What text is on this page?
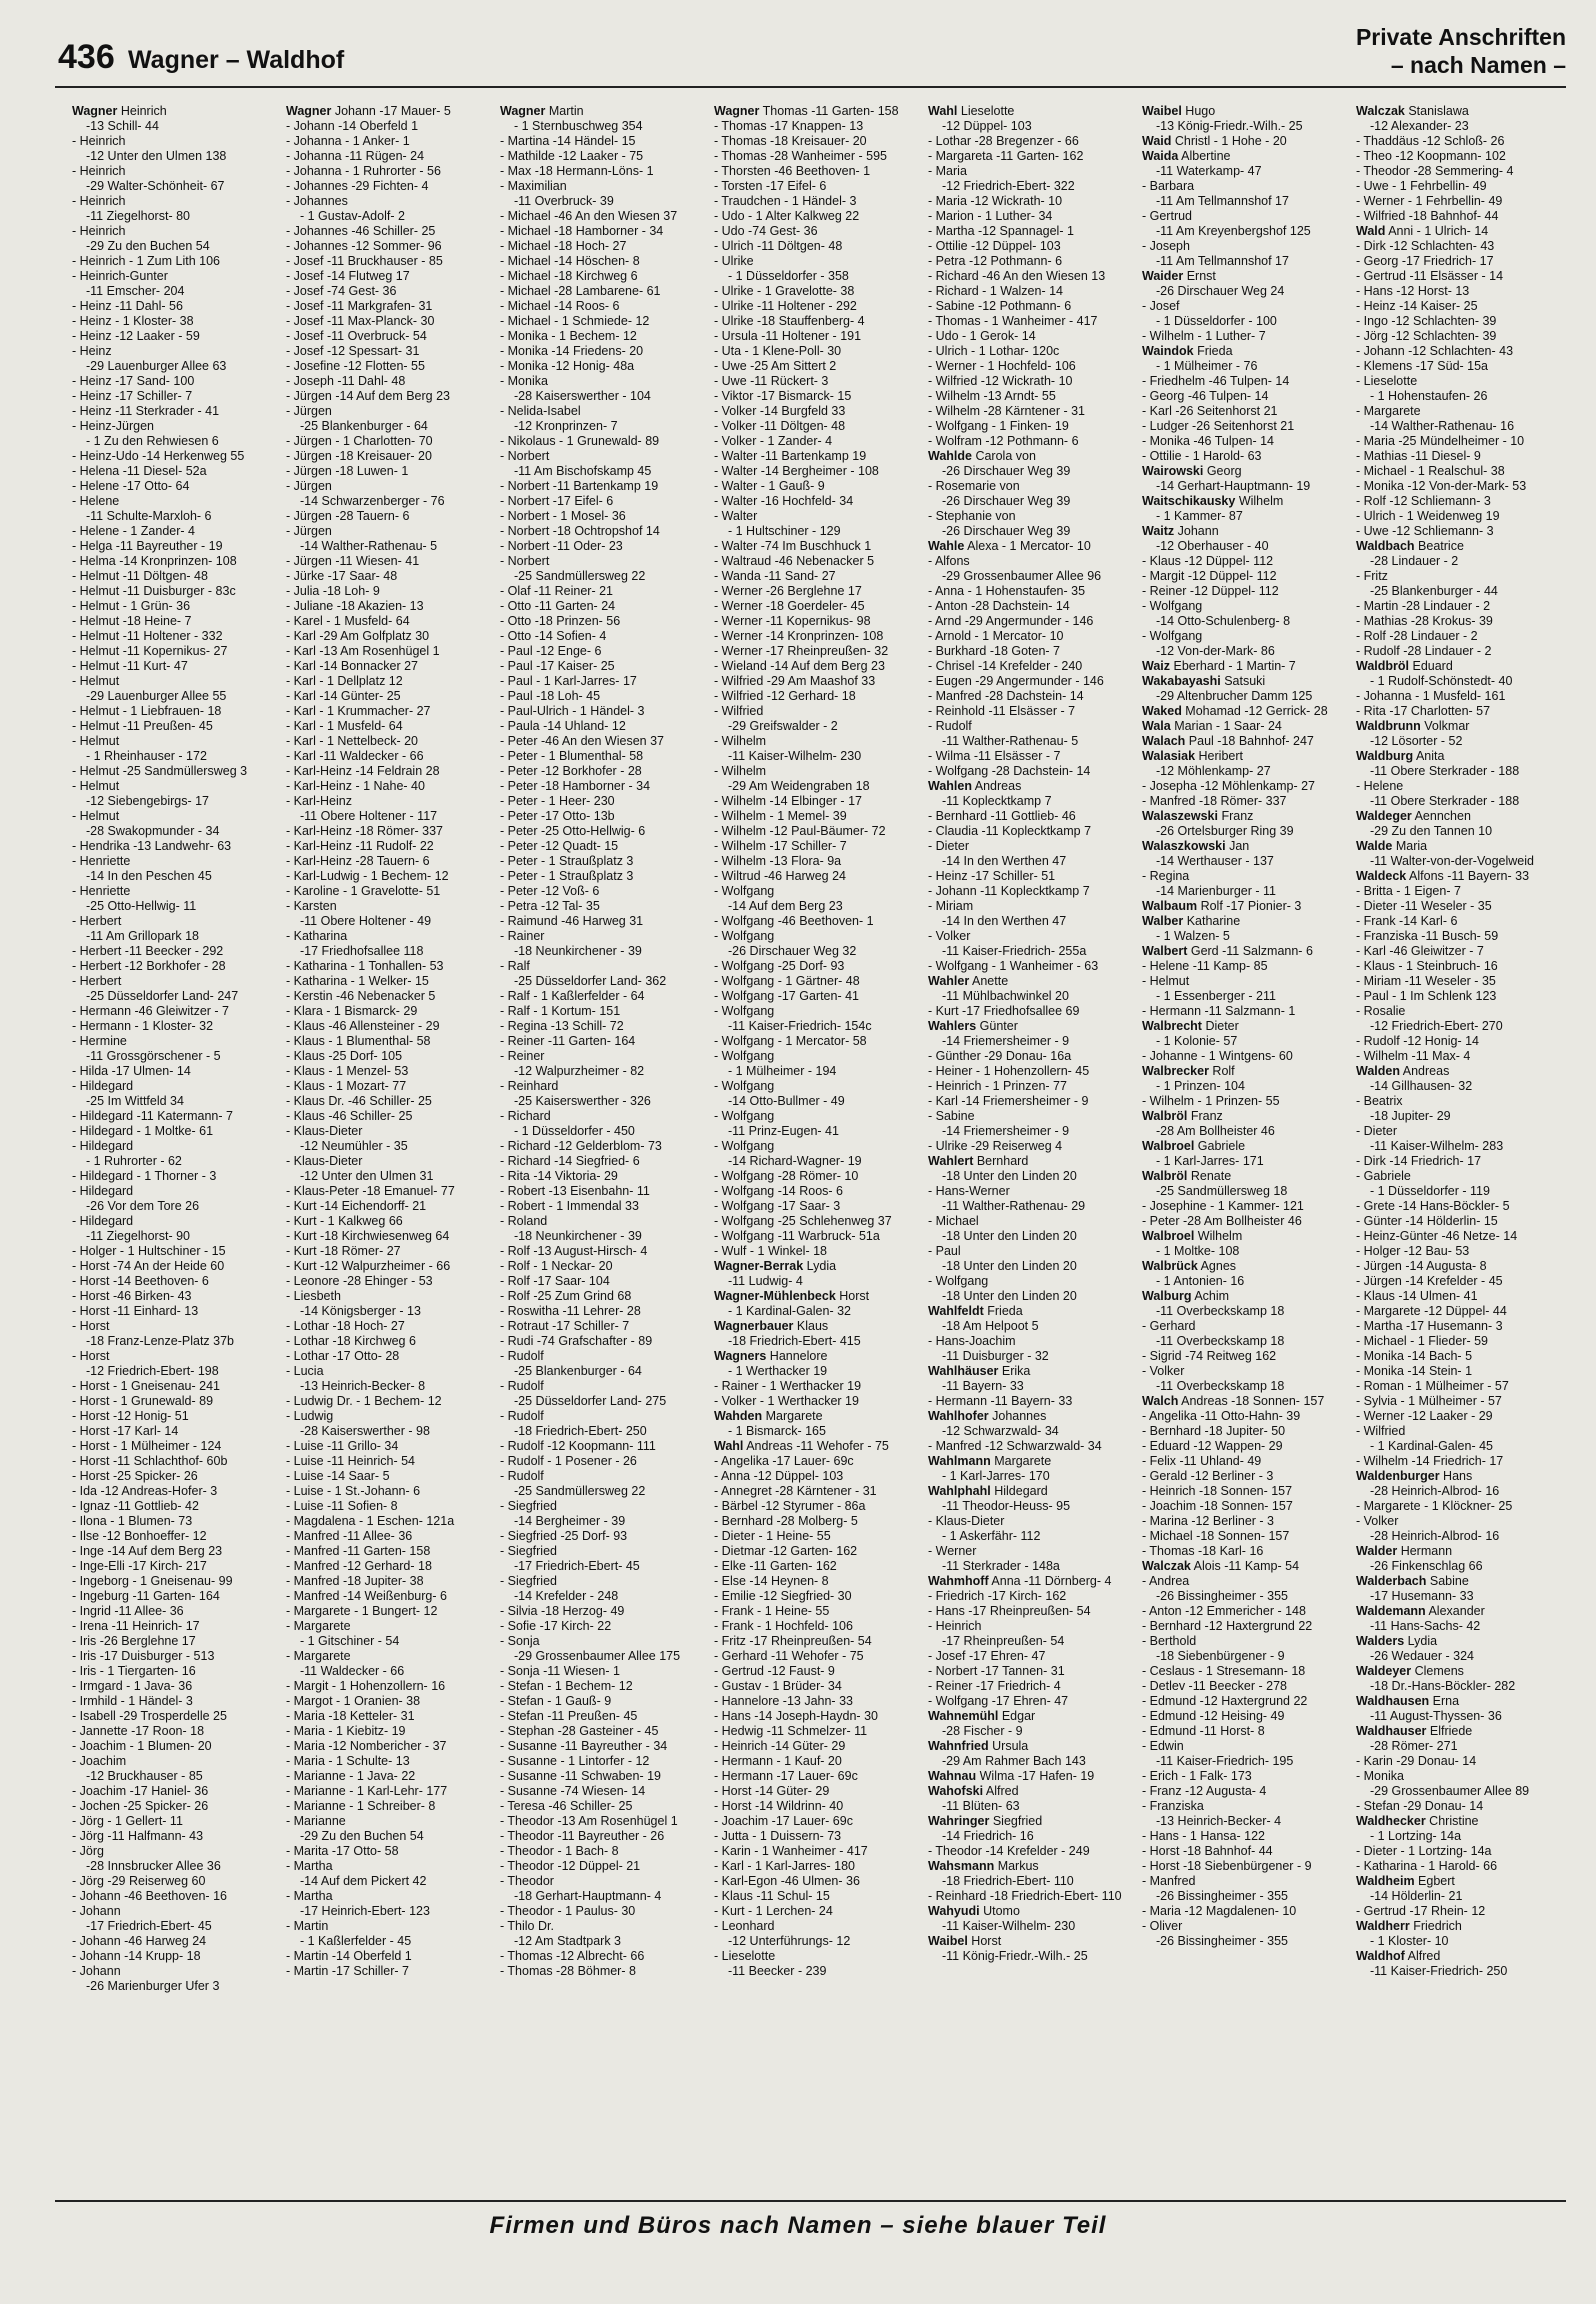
436 Wagner – Waldhof
Private Anschriften
– nach Namen –
Wagner Heinrich
-13 Schill- 44
- Heinrich
-12 Unter den Ulmen 138
- Heinrich
-29 Walter-Schönheit- 67
- Heinrich
-11 Ziegelhorst- 80
- Heinrich
-29 Zu den Buchen 54
- Heinrich - 1 Zum Lith 106
- Heinrich-Gunter
-11 Emscher- 204
- Heinz -11 Dahl- 56
- Heinz - 1 Kloster- 38
- Heinz -12 Laaker - 59
- Heinz
-29 Lauenburger Allee 63
- Heinz -17 Sand- 100
- Heinz -17 Schiller- 7
- Heinz -11 Sterkrader - 41
- Heinz-Jürgen
- 1 Zu den Rehwiesen 6
- Heinz-Udo -14 Herkenweg 55
- Helena -11 Diesel- 52a
- Helene -17 Otto- 64
- Helene
-11 Schulte-Marxloh- 6
- Helene - 1 Zander- 4
- Helga -11 Bayreuther - 19
- Helma -14 Kronprinzen- 108
- Helmut -11 Döltgen- 48
- Helmut -11 Duisburger - 83c
- Helmut - 1 Grün- 36
- Helmut -18 Heine- 7
- Helmut -11 Holtener - 332
- Helmut -11 Kopernikus- 27
- Helmut -11 Kurt- 47
- Helmut
-29 Lauenburger Allee 55
- Helmut - 1 Liebfrauen- 18
- Helmut -11 Preußen- 45
- Helmut
- 1 Rheinhauser - 172
- Helmut -25 Sandmüllersweg 3
- Helmut
-12 Siebengebirgs- 17
- Helmut
-28 Swakopmunder - 34
- Hendrika -13 Landwehr- 63
- Henriette
-14 In den Peschen 45
- Henriette
-25 Otto-Hellwig- 11
- Herbert
-11 Am Grillopark 18
- Herbert -11 Beecker - 292
- Herbert -12 Borkhofer - 28
- Herbert
-25 Düsseldorfer Land- 247
- Hermann -46 Gleiwitzer - 7
- Hermann - 1 Kloster- 32
- Hermine
-11 Grossgörschener - 5
- Hilda -17 Ulmen- 14
- Hildegard
-25 Im Wittfeld 34
- Hildegard -11 Katermann- 7
- Hildegard - 1 Moltke- 61
- Hildegard
- 1 Ruhrorter - 62
- Hildegard - 1 Thorner - 3
- Hildegard
-26 Vor dem Tore 26
- Hildegard
-11 Ziegelhorst- 90
- Holger - 1 Hultschiner - 15
- Horst -74 An der Heide 60
- Horst -14 Beethoven- 6
- Horst -46 Birken- 43
- Horst -11 Einhard- 13
- Horst
-18 Franz-Lenze-Platz 37b
- Horst
-12 Friedrich-Ebert- 198
- Horst - 1 Gneisenau- 241
- Horst - 1 Grunewald- 89
- Horst -12 Honig- 51
- Horst -17 Karl- 14
- Horst - 1 Mülheimer - 124
- Horst -11 Schlachthof- 60b
- Horst -25 Spicker- 26
- Ida -12 Andreas-Hofer- 3
- Ignaz -11 Gottlieb- 42
- Ilona - 1 Blumen- 73
- Ilse -12 Bonhoeffer- 12
- Inge -14 Auf dem Berg 23
- Inge-Elli -17 Kirch- 217
- Ingeborg - 1 Gneisenau- 99
- Ingeburg -11 Garten- 164
- Ingrid -11 Allee- 36
- Irena -11 Heinrich- 17
- Iris -26 Berglehne 17
- Iris -17 Duisburger - 513
- Iris - 1 Tiergarten- 16
- Irmgard - 1 Java- 36
- Irmhild - 1 Händel- 3
- Isabell -29 Trosperdelle 25
- Jannette -17 Roon- 18
- Joachim - 1 Blumen- 20
- Joachim
-12 Bruckhauser - 85
- Joachim -17 Haniel- 36
- Jochen -25 Spicker- 26
- Jörg - 1 Gellert- 11
- Jörg -11 Halfmann- 43
- Jörg
-28 Innsbrucker Allee 36
- Jörg -29 Reiserweg 60
- Johann -46 Beethoven- 16
- Johann
-17 Friedrich-Ebert- 45
- Johann -46 Harweg 24
- Johann -14 Krupp- 18
- Johann
-26 Marienburger Ufer 3
Wagner Johann -17 Mauer- 5
- Johann -14 Oberfeld 1
- Johanna - 1 Anker- 1
- Johanna -11 Rügen- 24
- Johanna - 1 Ruhrorter - 56
- Johannes -29 Fichten- 4
- Johannes
- 1 Gustav-Adolf- 2
- Johannes -46 Schiller- 25
- Johannes -12 Sommer- 96
- Josef -11 Bruckhauser - 85
- Josef -14 Flutweg 17
- Josef -74 Gest- 36
- Josef -11 Markgrafen- 31
- Josef -11 Max-Planck- 30
- Josef -11 Overbruck- 54
- Josef -12 Spessart- 31
- Josefine -12 Flotten- 55
- Joseph -11 Dahl- 48
- Jürgen -14 Auf dem Berg 23
- Jürgen
-25 Blankenburger - 64
- Jürgen - 1 Charlotten- 70
- Jürgen -18 Kreisauer- 20
- Jürgen -18 Luwen- 1
- Jürgen
-14 Schwarzenberger - 76
- Jürgen -28 Tauern- 6
- Jürgen
-14 Walther-Rathenau- 5
- Jürgen -11 Wiesen- 41
- Jürke -17 Saar- 48
- Julia -18 Loh- 9
- Juliane -18 Akazien- 13
- Karel - 1 Musfeld- 64
- Karl -29 Am Golfplatz 30
- Karl -13 Am Rosenhügel 1
- Karl -14 Bonnacker 27
- Karl - 1 Dellplatz 12
- Karl -14 Günter- 25
- Karl - 1 Krummacher- 27
- Karl - 1 Musfeld- 64
- Karl - 1 Nettelbeck- 20
- Karl -11 Waldecker - 66
- Karl-Heinz -14 Feldrain 28
- Karl-Heinz - 1 Nahe- 40
- Karl-Heinz
-11 Obere Holtener - 117
- Karl-Heinz -18 Römer- 337
- Karl-Heinz -11 Rudolf- 22
- Karl-Heinz -28 Tauern- 6
- Karl-Ludwig - 1 Bechem- 12
- Karoline - 1 Gravelotte- 51
- Karsten
-11 Obere Holtener - 49
- Katharina
-17 Friedhofsallee 118
- Katharina - 1 Tonhallen- 53
- Katharina - 1 Welker- 15
- Kerstin -46 Nebenacker 5
- Klara - 1 Bismarck- 29
- Klaus -46 Allensteiner - 29
- Klaus - 1 Blumenthal- 58
- Klaus -25 Dorf- 105
- Klaus - 1 Menzel- 53
- Klaus - 1 Mozart- 77
- Klaus Dr. -46 Schiller- 25
- Klaus -46 Schiller- 25
- Klaus-Dieter
-12 Neumühler - 35
- Klaus-Dieter
-12 Unter den Ulmen 31
- Klaus-Peter -18 Emanuel- 77
- Kurt -14 Eichendorff- 21
- Kurt - 1 Kalkweg 66
- Kurt -18 Kirchwiesenweg 64
- Kurt -18 Römer- 27
- Kurt -12 Walpurzheimer - 66
- Leonore -28 Ehinger - 53
- Liesbeth
-14 Königsberger - 13
- Lothar -18 Hoch- 27
- Lothar -18 Kirchweg 6
- Lothar -17 Otto- 28
- Lucia
-13 Heinrich-Becker- 8
- Ludwig Dr. - 1 Bechem- 12
- Ludwig
-28 Kaiserswerther - 98
- Luise -11 Grillo- 34
- Luise -11 Heinrich- 54
- Luise -14 Saar- 5
- Luise - 1 St.-Johann- 6
- Luise -11 Sofien- 8
- Magdalena - 1 Eschen- 121a
- Manfred -11 Allee- 36
- Manfred -11 Garten- 158
- Manfred -12 Gerhard- 18
- Manfred -18 Jupiter- 38
- Manfred -14 Weißenburg- 6
- Margarete - 1 Bungert- 12
- Margarete
- 1 Gitschiner - 54
- Margarete
-11 Waldecker - 66
- Margit - 1 Hohenzollern- 16
- Margot - 1 Oranien- 38
- Maria -18 Ketteler- 31
- Maria - 1 Kiebitz- 19
- Maria -12 Nombericher - 37
- Maria - 1 Schulte- 13
- Marianne - 1 Java- 22
- Marianne - 1 Karl-Lehr- 177
- Marianne - 1 Schreiber- 8
- Marianne
-29 Zu den Buchen 54
- Marita -17 Otto- 58
- Martha
-14 Auf dem Pickert 42
- Martha
-17 Heinrich-Ebert- 123
- Martin
- 1 Kaßlerfelder - 45
- Martin -14 Oberfeld 1
- Martin -17 Schiller- 7
Wagner Martin
- 1 Sternbuschweg 354
- Martina -14 Händel- 15
- Mathilde -12 Laaker - 75
- Max -18 Hermann-Löns- 1
- Maximilian
-11 Overbruck- 39
- Michael -46 An den Wiesen 37
- Michael -18 Hamborner - 34
- Michael -18 Hoch- 27
- Michael -14 Höschen- 8
- Michael -18 Kirchweg 6
- Michael -28 Lambarene- 61
- Michael -14 Roos- 6
- Michael - 1 Schmiede- 12
- Monika - 1 Bechem- 12
- Monika -14 Friedens- 20
- Monika -12 Honig- 48a
- Monika
-28 Kaiserswerther - 104
- Nelida-Isabel
-12 Kronprinzen- 7
- Nikolaus - 1 Grunewald- 89
- Norbert
-11 Am Bischofskamp 45
- Norbert -11 Bartenkamp 19
- Norbert -17 Eifel- 6
- Norbert - 1 Mosel- 36
- Norbert -18 Ochtropshof 14
- Norbert -11 Oder- 23
- Norbert
-25 Sandmüllersweg 22
- Olaf -11 Reiner- 21
- Otto -11 Garten- 24
- Otto -18 Prinzen- 56
- Otto -14 Sofien- 4
- Paul -12 Enge- 6
- Paul -17 Kaiser- 25
- Paul - 1 Karl-Jarres- 17
- Paul -18 Loh- 45
- Paul-Ulrich - 1 Händel- 3
- Paula -14 Uhland- 12
- Peter -46 An den Wiesen 37
- Peter - 1 Blumenthal- 58
- Peter -12 Borkhofer - 28
- Peter -18 Hamborner - 34
- Peter - 1 Heer- 230
- Peter -17 Otto- 13b
- Peter -25 Otto-Hellwig- 6
- Peter -12 Quadt- 15
- Peter - 1 Straußplatz 3
- Peter - 1 Straußplatz 3
- Peter -12 Voß- 6
- Petra -12 Tal- 35
- Raimund -46 Harweg 31
- Rainer
-18 Neunkirchener - 39
- Ralf
-25 Düsseldorfer Land- 362
- Ralf - 1 Kaßlerfelder - 64
- Ralf - 1 Kortum- 151
- Regina -13 Schill- 72
- Reiner -11 Garten- 164
- Reiner
-12 Walpurzheimer - 82
- Reinhard
-25 Kaiserswerther - 326
- Richard
- 1 Düsseldorfer - 450
- Richard -12 Gelderblom- 73
- Richard -14 Siegfried- 6
- Rita -14 Viktoria- 29
- Robert -13 Eisenbahn- 11
- Robert - 1 Immendal 33
- Roland
-18 Neunkirchener - 39
- Rolf -13 August-Hirsch- 4
- Rolf - 1 Neckar- 20
- Rolf -17 Saar- 104
- Rolf -25 Zum Grind 68
- Roswitha -11 Lehrer- 28
- Rotraut -17 Schiller- 7
- Rudi -74 Grafschafter - 89
- Rudolf
-25 Blankenburger - 64
- Rudolf
-25 Düsseldorfer Land- 275
- Rudolf
-18 Friedrich-Ebert- 250
- Rudolf -12 Koopmann- 111
- Rudolf - 1 Posener - 26
- Rudolf
-25 Sandmüllersweg 22
- Siegfried
-14 Bergheimer - 39
- Siegfried -25 Dorf- 93
- Siegfried
-17 Friedrich-Ebert- 45
- Siegfried
-14 Krefelder - 248
- Silvia -18 Herzog- 49
- Sofie -17 Kirch- 22
- Sonja
-29 Grossenbaumer Allee 175
- Sonja -11 Wiesen- 1
- Stefan - 1 Bechem- 12
- Stefan - 1 Gauß- 9
- Stefan -11 Preußen- 45
- Stephan -28 Gasteiner - 45
- Susanne -11 Bayreuther - 34
- Susanne - 1 Lintorfer - 12
- Susanne -11 Schwaben- 19
- Susanne -74 Wiesen- 14
- Teresa -46 Schiller- 25
- Theodor -13 Am Rosenhügel 1
- Theodor -11 Bayreuther - 26
- Theodor - 1 Bach- 8
- Theodor -12 Düppel- 21
- Theodor
-18 Gerhart-Hauptmann- 4
- Theodor - 1 Paulus- 30
- Thilo Dr.
-12 Am Stadtpark 3
- Thomas -12 Albrecht- 66
- Thomas -28 Böhmer- 8
Wagner Thomas -11 Garten- 158
- Thomas -17 Knappen- 13
- Thomas -18 Kreisauer- 20
- Thomas -28 Wanheimer - 595
- Thorsten -46 Beethoven- 1
- Torsten -17 Eifel- 6
- Traudchen - 1 Händel- 3
- Udo - 1 Alter Kalkweg 22
- Udo -74 Gest- 36
- Ulrich -11 Döltgen- 48
- Ulrike
- 1 Düsseldorfer - 358
- Ulrike - 1 Gravelotte- 38
- Ulrike -11 Holtener - 292
- Ulrike -18 Stauffenberg- 4
- Ursula -11 Holtener - 191
- Uta - 1 Klene-Poll- 30
- Uwe -25 Am Sittert 2
- Uwe -11 Rückert- 3
- Viktor -17 Bismarck- 15
- Volker -14 Burgfeld 33
- Volker -11 Döltgen- 48
- Volker - 1 Zander- 4
- Walter -11 Bartenkamp 19
- Walter -14 Bergheimer - 108
- Walter - 1 Gauß- 9
- Walter -16 Hochfeld- 34
- Walter
- 1 Hultschiner - 129
- Walter -74 Im Buschhuck 1
- Waltraud -46 Nebenacker 5
- Wanda -11 Sand- 27
- Werner -26 Berglehne 17
- Werner -18 Goerdeler- 45
- Werner -11 Kopernikus- 98
- Werner -14 Kronprinzen- 108
- Werner -17 Rheinpreußen- 32
- Wieland -14 Auf dem Berg 23
- Wilfried -29 Am Maashof 33
- Wilfried -12 Gerhard- 18
- Wilfried
-29 Greifswalder - 2
- Wilhelm
-11 Kaiser-Wilhelm- 230
- Wilhelm
-29 Am Weidengraben 18
- Wilhelm -14 Elbinger - 17
- Wilhelm - 1 Memel- 39
- Wilhelm -12 Paul-Bäumer- 72
- Wilhelm -17 Schiller- 7
- Wilhelm -13 Flora- 9a
- Wiltrud -46 Harweg 24
- Wolfgang
-14 Auf dem Berg 23
- Wolfgang -46 Beethoven- 1
- Wolfgang
-26 Dirschauer Weg 32
- Wolfgang -25 Dorf- 93
- Wolfgang - 1 Gärtner- 48
- Wolfgang -17 Garten- 41
- Wolfgang
-11 Kaiser-Friedrich- 154c
- Wolfgang - 1 Mercator- 58
- Wolfgang
- 1 Mülheimer - 194
- Wolfgang
-14 Otto-Bullmer - 49
- Wolfgang
-11 Prinz-Eugen- 41
- Wolfgang
-14 Richard-Wagner- 19
- Wolfgang -28 Römer- 10
- Wolfgang -14 Roos- 6
- Wolfgang -17 Saar- 3
- Wolfgang -25 Schlehenweg 37
- Wolfgang -11 Warbruck- 51a
- Wulf - 1 Winkel- 18
Wagner-Berrak Lydia
-11 Ludwig- 4
Wagner-Mühlenbeck Horst
- 1 Kardinal-Galen- 32
Wagnerbauer Klaus
-18 Friedrich-Ebert- 415
Wagners Hannelore
- 1 Werthacker 19
- Rainer - 1 Werthacker 19
- Volker - 1 Werthacker 19
Wahden Margarete
- 1 Bismarck- 165
Wahl Andreas -11 Wehofer - 75
- Angelika -17 Lauer- 69c
- Anna -12 Düppel- 103
- Annegret -28 Kärntener - 31
- Bärbel -12 Styrumer - 86a
- Bernhard -28 Molberg- 5
- Dieter - 1 Heine- 55
- Dietmar -12 Garten- 162
- Elke -11 Garten- 162
- Else -14 Heynen- 8
- Emilie -12 Siegfried- 30
- Frank - 1 Heine- 55
- Frank - 1 Hochfeld- 106
- Fritz -17 Rheinpreußen- 54
- Gerhard -11 Wehofer - 75
- Gertrud -12 Faust- 9
- Gustav - 1 Brüder- 34
- Hannelore -13 Jahn- 33
- Hans -14 Joseph-Haydn- 30
- Hedwig -11 Schmelzer- 11
- Heinrich -14 Güter- 29
- Hermann - 1 Kauf- 20
- Hermann -17 Lauer- 69c
- Horst -14 Güter- 29
- Horst -14 Wildrinn- 40
- Joachim -17 Lauer- 69c
- Jutta - 1 Duissern- 73
- Karin - 1 Wanheimer - 417
- Karl - 1 Karl-Jarres- 180
- Karl-Egon -46 Ulmen- 36
- Klaus -11 Schul- 15
- Kurt - 1 Lerchen- 24
- Leonhard
-12 Unterführungs- 12
- Lieselotte
-11 Beecker - 239
Wahl Lieselotte
-12 Düppel- 103
- Lothar -28 Bregenzer - 66
- Margareta -11 Garten- 162
- Maria
-12 Friedrich-Ebert- 322
- Maria -12 Wickrath- 10
- Marion - 1 Luther- 34
- Martha -12 Spannagel- 1
- Ottilie -12 Düppel- 103
- Petra -12 Pothmann- 6
- Richard -46 An den Wiesen 13
- Richard - 1 Walzen- 14
- Sabine -12 Pothmann- 6
- Thomas - 1 Wanheimer - 417
- Udo - 1 Gerok- 14
- Ulrich - 1 Lothar- 120c
- Werner - 1 Hochfeld- 106
- Wilfried -12 Wickrath- 10
- Wilhelm -13 Arndt- 55
- Wilhelm -28 Kärntener - 31
- Wolfgang - 1 Finken- 19
- Wolfram -12 Pothmann- 6
Wahlde Carola von
-26 Dirschauer Weg 39
- Rosemarie von
-26 Dirschauer Weg 39
- Stephanie von
-26 Dirschauer Weg 39
Wahle Alexa - 1 Mercator- 10
- Alfons
-29 Grossenbaumer Allee 96
- Anna - 1 Hohenstaufen- 35
- Anton -28 Dachstein- 14
- Arnd -29 Angermunder - 146
- Arnold - 1 Mercator- 10
- Burkhard -18 Goten- 7
- Chrisel -14 Krefelder - 240
- Eugen -29 Angermunder - 146
- Manfred -28 Dachstein- 14
- Reinhold -11 Elsässer - 7
- Rudolf
-11 Walther-Rathenau- 5
- Wilma -11 Elsässer - 7
- Wolfgang -28 Dachstein- 14
Wahlen Andreas
-11 Koplecktkamp 7
- Bernhard -11 Gottlieb- 46
- Claudia -11 Koplecktkamp 7
- Dieter
-14 In den Werthen 47
- Heinz -17 Schiller- 51
- Johann -11 Koplecktkamp 7
- Miriam
-14 In den Werthen 47
- Volker
-11 Kaiser-Friedrich- 255a
- Wolfgang - 1 Wanheimer - 63
Wahler Anette
-11 Mühlbachwinkel 20
- Kurt -17 Friedhofsallee 69
Wahlers Günter
-14 Friemersheimer - 9
- Günther -29 Donau- 16a
- Heiner - 1 Hohenzollern- 45
- Heinrich - 1 Prinzen- 77
- Karl -14 Friemersheimer - 9
- Sabine
-14 Friemersheimer - 9
- Ulrike -29 Reiserweg 4
Wahlert Bernhard
-18 Unter den Linden 20
- Hans-Werner
-11 Walther-Rathenau- 29
- Michael
-18 Unter den Linden 20
- Paul
-18 Unter den Linden 20
- Wolfgang
-18 Unter den Linden 20
Wahlfeldt Frieda
-18 Am Helpoot 5
- Hans-Joachim
-11 Duisburger - 32
Wahlhäuser Erika
-11 Bayern- 33
- Hermann -11 Bayern- 33
Wahlhofer Johannes
-12 Schwarzwald- 34
- Manfred -12 Schwarzwald- 34
Wahlmann Margarete
- 1 Karl-Jarres- 170
Wahlphahl Hildegard
-11 Theodor-Heuss- 95
- Klaus-Dieter
- 1 Askerfähr- 112
- Werner
-11 Sterkrader - 148a
Wahmhoff Anna -11 Dörnberg- 4
- Friedrich -17 Kirch- 162
- Hans -17 Rheinpreußen- 54
- Heinrich
-17 Rheinpreußen- 54
- Josef -17 Ehren- 47
- Norbert -17 Tannen- 31
- Reiner -17 Friedrich- 4
- Wolfgang -17 Ehren- 47
Wahnemühl Edgar
-28 Fischer - 9
Wahnfried Ursula
-29 Am Rahmer Bach 143
Wahnau Wilma -17 Hafen- 19
Wahofski Alfred
-11 Blüten- 63
Wahringer Siegfried
-14 Friedrich- 16
- Theodor -14 Krefelder - 249
Wahsmann Markus
-18 Friedrich-Ebert- 110
- Reinhard -18 Friedrich-Ebert- 110
Wahyudi Utomo
-11 Kaiser-Wilhelm- 230
Waibel Horst
-11 König-Friedr.-Wilh.- 25
Waibel Hugo
-13 König-Friedr.-Wilh.- 25
Waid Christl - 1 Hohe - 20
Waida Albertine
-11 Waterkamp- 47
- Barbara
-11 Am Tellmannshof 17
- Gertrud
-11 Am Kreyenbergshof 125
- Joseph
-11 Am Tellmannshof 17
Waider Ernst
-26 Dirschauer Weg 24
- Josef
- 1 Düsseldorfer - 100
- Wilhelm - 1 Luther- 7
Waindok Frieda
- 1 Mülheimer - 76
- Friedhelm -46 Tulpen- 14
- Georg -46 Tulpen- 14
- Karl -26 Seitenhorst 21
- Ludger -26 Seitenhorst 21
- Monika -46 Tulpen- 14
- Ottilie - 1 Harold- 63
Wairowski Georg
-14 Gerhart-Hauptmann- 19
Waitschikausky Wilhelm
- 1 Kammer- 87
Waitz Johann
-12 Oberhauser - 40
- Klaus -12 Düppel- 112
- Margit -12 Düppel- 112
- Reiner -12 Düppel- 112
- Wolfgang
-14 Otto-Schulenberg- 8
- Wolfgang
-12 Von-der-Mark- 86
Waiz Eberhard - 1 Martin- 7
Wakabayashi Satsuki
-29 Altenbrucher Damm 125
Waked Mohamad -12 Gerrick- 28
Wala Marian - 1 Saar- 24
Walach Paul -18 Bahnhof- 247
Walasiak Heribert
-12 Möhlenkamp- 27
- Josepha -12 Möhlenkamp- 27
- Manfred -18 Römer- 337
Walaszewski Franz
-26 Ortelsburger Ring 39
Walaszkowski Jan
-14 Werthauser - 137
- Regina
-14 Marienburger - 11
Walbaum Rolf -17 Pionier- 3
Walber Katharine
- 1 Walzen- 5
Walbert Gerd -11 Salzmann- 6
- Helene -11 Kamp- 85
- Helmut
- 1 Essenberger - 211
- Hermann -11 Salzmann- 1
Walbrecht Dieter
- 1 Kolonie- 57
- Johanne - 1 Wintgens- 60
Walbrecker Rolf
- 1 Prinzen- 104
- Wilhelm - 1 Prinzen- 55
Walbröl Franz
-28 Am Bollheister 46
Walbroel Gabriele
- 1 Karl-Jarres- 171
Walbröl Renate
-25 Sandmüllersweg 18
- Josephine - 1 Kammer- 121
- Peter -28 Am Bollheister 46
Walbroel Wilhelm
- 1 Moltke- 108
Walbrück Agnes
- 1 Antonien- 16
Walburg Achim
-11 Overbeckskamp 18
- Gerhard
-11 Overbeckskamp 18
- Sigrid -74 Reitweg 162
- Volker
-11 Overbeckskamp 18
Walch Andreas -18 Sonnen- 157
- Angelika -11 Otto-Hahn- 39
- Bernhard -18 Jupiter- 50
- Eduard -12 Wappen- 29
- Felix -11 Uhland- 49
- Gerald -12 Berliner - 3
- Heinrich -18 Sonnen- 157
- Joachim -18 Sonnen- 157
- Marina -12 Berliner - 3
- Michael -18 Sonnen- 157
- Thomas -18 Karl- 16
Walczak Alois -11 Kamp- 54
- Andrea
-26 Bissingheimer - 355
- Anton -12 Emmericher - 148
- Bernhard -12 Haxtergrund 22
- Berthold
-18 Siebenbürgener - 9
- Ceslaus - 1 Stresemann- 18
- Detlev -11 Beecker - 278
- Edmund -12 Haxtergrund 22
- Edmund -12 Heising- 49
- Edmund -11 Horst- 8
- Edwin
-11 Kaiser-Friedrich- 195
- Erich - 1 Falk- 173
- Franz -12 Augusta- 4
- Franziska
-13 Heinrich-Becker- 4
- Hans - 1 Hansa- 122
- Horst -18 Bahnhof- 44
- Horst -18 Siebenbürgener - 9
- Manfred
-26 Bissingheimer - 355
- Maria -12 Magdalenen- 10
- Oliver
-26 Bissingheimer - 355
Walczak Stanislawa
-12 Alexander- 23
- Thaddäus -12 Schloß- 26
- Theo -12 Koopmann- 102
- Theodor -28 Semmering- 4
- Uwe - 1 Fehrbellin- 49
- Werner - 1 Fehrbellin- 49
- Wilfried -18 Bahnhof- 44
Wald Anni - 1 Ulrich- 14
- Dirk -12 Schlachten- 43
- Georg -17 Friedrich- 17
- Gertrud -11 Elsässer - 14
- Hans -12 Horst- 13
- Heinz -14 Kaiser- 25
- Ingo -12 Schlachten- 39
- Jörg -12 Schlachten- 39
- Johann -12 Schlachten- 43
- Klemens -17 Süd- 15a
- Lieselotte
- 1 Hohenstaufen- 26
- Margarete
-14 Walther-Rathenau- 16
- Maria -25 Mündelheimer - 10
- Mathias -11 Diesel- 9
- Michael - 1 Realschul- 38
- Monika -12 Von-der-Mark- 53
- Rolf -12 Schliemann- 3
- Ulrich - 1 Weidenweg 19
- Uwe -12 Schliemann- 3
Waldbach Beatrice
-28 Lindauer - 2
- Fritz
-25 Blankenburger - 44
- Martin -28 Lindauer - 2
- Mathias -28 Krokus- 39
- Rolf -28 Lindauer - 2
- Rudolf -28 Lindauer - 2
Waldbröl Eduard
- 1 Rudolf-Schönstedt- 40
- Johanna - 1 Musfeld- 161
- Rita -17 Charlotten- 57
Waldbrunn Volkmar
-12 Lösorter - 52
Waldburg Anita
-11 Obere Sterkrader - 188
- Helene
-11 Obere Sterkrader - 188
Waldeger Aennchen
-29 Zu den Tannen 10
Walde Maria
-11 Walter-von-der-Vogelweid
Waldeck Alfons -11 Bayern- 33
- Britta - 1 Eigen- 7
- Dieter -11 Weseler - 35
- Frank -14 Karl- 6
- Franziska -11 Busch- 59
- Karl -46 Gleiwitzer - 7
- Klaus - 1 Steinbruch- 16
- Miriam -11 Weseler - 35
- Paul - 1 Im Schlenk 123
- Rosalie
-12 Friedrich-Ebert- 270
- Rudolf -12 Honig- 14
- Wilhelm -11 Max- 4
Walden Andreas
-14 Gillhausen- 32
- Beatrix
-18 Jupiter- 29
- Dieter
-11 Kaiser-Wilhelm- 283
- Dirk -14 Friedrich- 17
- Gabriele
- 1 Düsseldorfer - 119
- Grete -14 Hans-Böckler- 5
- Günter -14 Hölderlin- 15
- Heinz-Günter -46 Netze- 14
- Holger -12 Bau- 53
- Jürgen -14 Augusta- 8
- Jürgen -14 Krefelder - 45
- Klaus -14 Ulmen- 41
- Margarete -12 Düppel- 44
- Martha -17 Husemann- 3
- Michael - 1 Flieder- 59
- Monika -14 Bach- 5
- Monika -14 Stein- 1
- Roman - 1 Mülheimer - 57
- Sylvia - 1 Mülheimer - 57
- Werner -12 Laaker - 29
- Wilfried
- 1 Kardinal-Galen- 45
- Wilhelm -14 Friedrich- 17
Waldenburger Hans
-28 Heinrich-Albrod- 16
- Margarete - 1 Klöckner- 25
- Volker
-28 Heinrich-Albrod- 16
Walder Hermann
-26 Finkenschlag 66
Walderbach Sabine
-17 Husemann- 33
Waldemann Alexander
-11 Hans-Sachs- 42
Walders Lydia
-26 Wedauer - 324
Waldeyer Clemens
-18 Dr.-Hans-Böckler- 282
Waldhausen Erna
-11 August-Thyssen- 36
Waldhauser Elfriede
-28 Römer- 271
- Karin -29 Donau- 14
- Monika
-29 Grossenbaumer Allee 89
- Stefan -29 Donau- 14
Waldhecker Christine
- 1 Lortzing- 14a
- Dieter - 1 Lortzing- 14a
- Katharina - 1 Harold- 66
Waldheim Egbert
-14 Hölderlin- 21
- Gertrud -17 Rhein- 12
Waldherr Friedrich
- 1 Kloster- 10
Waldhof Alfred
-11 Kaiser-Friedrich- 250
Firmen und Büros nach Namen – siehe blauer Teil
